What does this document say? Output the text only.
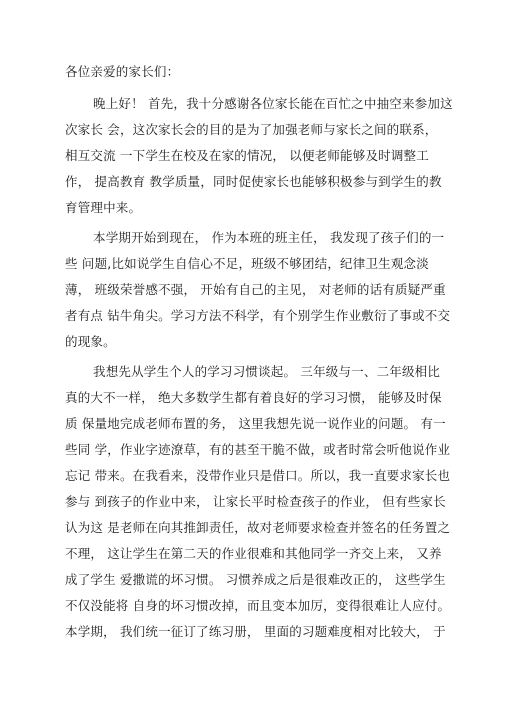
各位亲爱的家长们：
晚上好！ 首先，我十分感谢各位家长能在百忙之中抽空来参加这
次家长 会，这次家长会的目的是为了加强老师与家长之间的联系，
相互交流 一下学生在校及在家的情况， 以便老师能够及时调整工
作， 提高教育 教学质量，同时促使家长也能够积极参与到学生的教
育管理中来。
本学期开始到现在， 作为本班的班主任， 我发现了孩子们的一
些 问题,比如说学生自信心不足，班级不够团结，纪律卫生观念淡
薄， 班级荣誉感不强， 开始有自己的主见， 对老师的话有质疑严重
者有点 钻牛角尖。学习方法不科学，有个别学生作业敷衍了事或不交
的现象。
我想先从学生个人的学习习惯谈起。 三年级与一、二年级相比
真的大不一样， 绝大多数学生都有着良好的学习习惯， 能够及时保
质 保量地完成老师布置的务， 这里我想先说一说作业的问题。 有一
些同 学，作业字迹潦草，有的甚至干脆不做，或者时常会听他说作业
忘记 带来。在我看来，没带作业只是借口。所以，我一直要求家长也
参与 到孩子的作业中来， 让家长平时检查孩子的作业， 但有些家长
认为这 是老师在向其推卸责任，故对老师要求检查并签名的任务置之
不理， 这让学生在第二天的作业很难和其他同学一齐交上来， 又养
成了学生 爱撒谎的坏习惯。 习惯养成之后是很难改正的， 这些学生
不仅没能将 自身的坏习惯改掉，而且变本加厉，变得很难让人应付。
本学期， 我们统一征订了练习册， 里面的习题难度相对比较大， 于
